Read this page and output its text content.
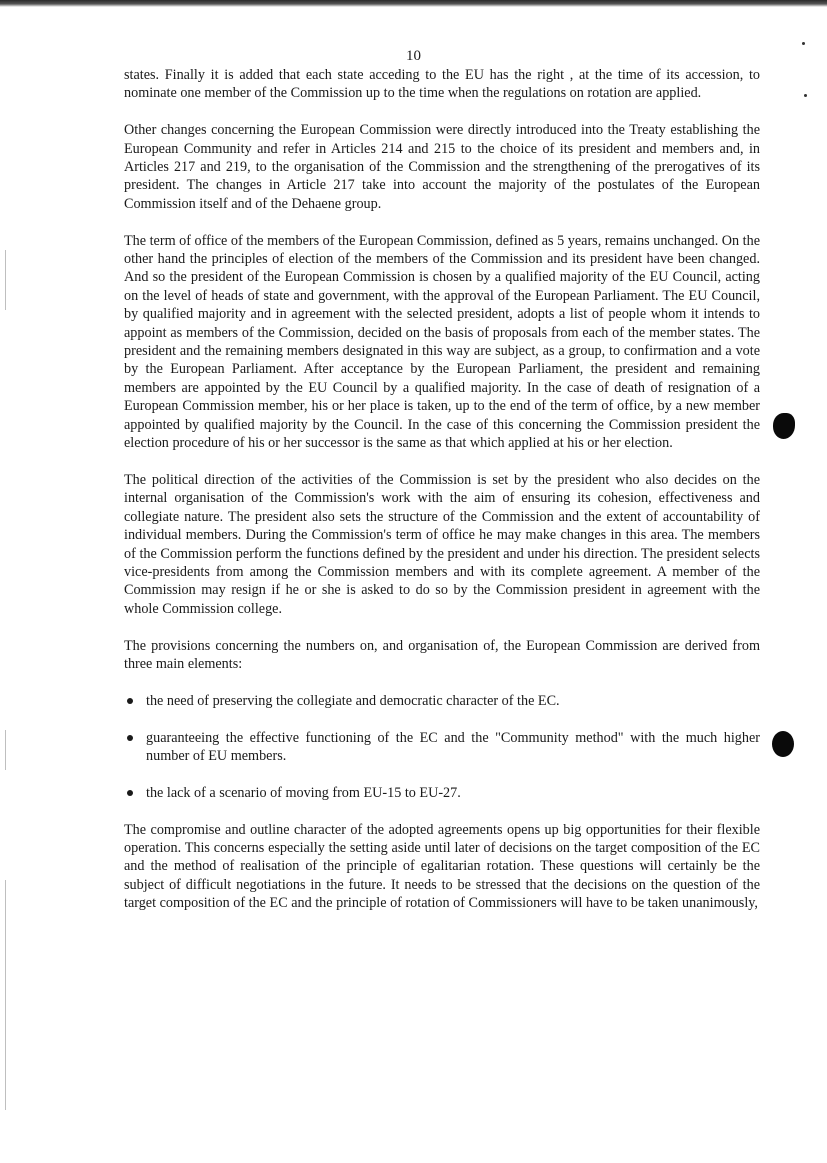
10

states. Finally it is added that each state acceding to the EU has the right , at the time of its accession, to nominate one member of the Commission up to the time when the regulations on rotation are applied.

Other changes concerning the European Commission were directly introduced into the Treaty establishing the European Community and refer in Articles 214 and 215 to the choice of its president and members and, in Articles 217 and 219, to the organisation of the Commission and the strengthening of the prerogatives of its president. The changes in Article 217 take into account the majority of the postulates of the European Commission itself and of the Dehaene group.

The term of office of the members of the European Commission, defined as 5 years, remains unchanged. On the other hand the principles of election of the members of the Commission and its president have been changed. And so the president of the European Commission is chosen by a qualified majority of the EU Council, acting on the level of heads of state and government, with the approval of the European Parliament. The EU Council, by qualified majority and in agreement with the selected president, adopts a list of people whom it intends to appoint as members of the Commission, decided on the basis of proposals from each of the member states. The president and the remaining members designated in this way are subject, as a group, to confirmation and a vote by the European Parliament. After acceptance by the European Parliament, the president and remaining members are appointed by the EU Council by a qualified majority. In the case of death of resignation of a European Commission member, his or her place is taken, up to the end of the term of office, by a new member appointed by qualified majority by the Council. In the case of this concerning the Commission president the election procedure of his or her successor is the same as that which applied at his or her election.

The political direction of the activities of the Commission is set by the president who also decides on the internal organisation of the Commission's work with the aim of ensuring its cohesion, effectiveness and collegiate nature. The president also sets the structure of the Commission and the extent of accountability of individual members. During the Commission's term of office he may make changes in this area. The members of the Commission perform the functions defined by the president and under his direction. The president selects vice-presidents from among the Commission members and with its complete agreement. A member of the Commission may resign if he or she is asked to do so by the Commission president in agreement with the whole Commission college.

The provisions concerning the numbers on, and organisation of, the European Commission are derived from three main elements:

the need of preserving the collegiate and democratic character of the EC.
guaranteeing the effective functioning of the EC and the "Community method" with the much higher number of EU members.
the lack of a scenario of moving from EU-15 to EU-27.

The compromise and outline character of the adopted agreements opens up big opportunities for their flexible operation. This concerns especially the setting aside until later of decisions on the target composition of the EC and the method of realisation of the principle of egalitarian rotation. These questions will certainly be the subject of difficult negotiations in the future. It needs to be stressed that the decisions on the question of the target composition of the EC and the principle of rotation of Commissioners will have to be taken unanimously,
